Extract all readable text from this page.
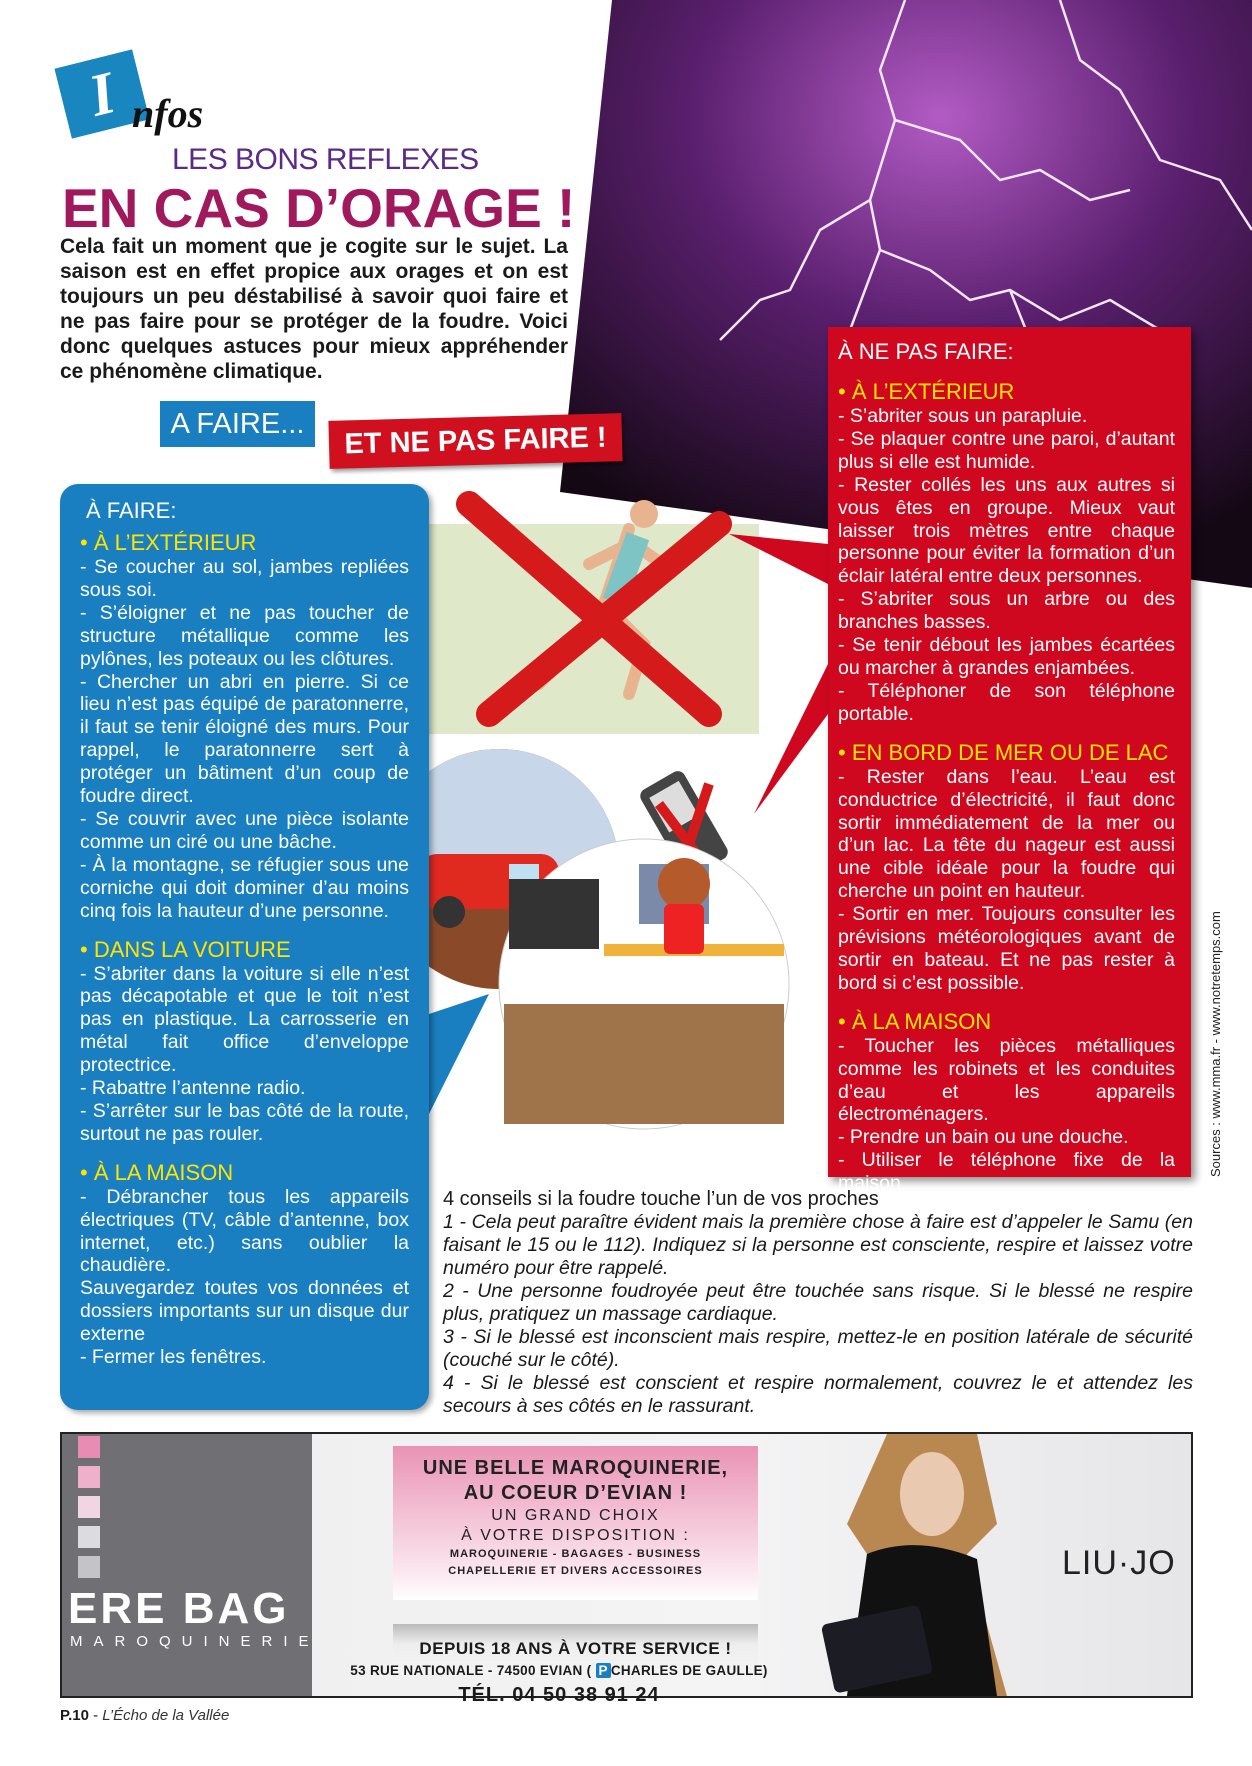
I nfos
LES BONS REFLEXES
EN CAS D’ORAGE !

Cela fait un moment que je cogite sur le sujet. La saison est en effet propice aux orages et on est toujours un peu déstabilisé à savoir quoi faire et ne pas faire pour se protéger de la foudre. Voici donc quelques astuces pour mieux appréhender ce phénomène climatique.

A FAIRE...	ET NE PAS FAIRE !
À FAIRE:
• À L’EXTÉRIEUR

- Se coucher au sol, jambes repliées sous soi.

- S’éloigner et ne pas toucher de structure métallique comme les pylônes, les poteaux ou les clôtures.

- Chercher un abri en pierre. Si ce lieu n’est pas équipé de paratonnerre, il faut se tenir éloigné des murs. Pour rappel, le paratonnerre sert à protéger un bâtiment d’un coup de foudre direct.

- Se couvrir avec une pièce isolante comme un ciré ou une bâche.

- À la montagne, se réfugier sous une corniche qui doit dominer d’au moins cinq fois la hauteur d’une personne.

• DANS LA VOITURE

- S’abriter dans la voiture si elle n’est pas décapotable et que le toit n’est pas en plastique. La carrosserie en métal fait office d’enveloppe protectrice.

- Rabattre l’antenne radio.

- S’arrêter sur le bas côté de la route, surtout ne pas rouler.

• À LA MAISON

- Débrancher tous les appareils électriques (TV, câble d’antenne, box internet, etc.) sans oublier la chaudière.

Sauvegardez toutes vos données et dossiers importants sur un disque dur externe

- Fermer les fenêtres.

À NE PAS FAIRE:
• À L’EXTÉRIEUR

- S’abriter sous un parapluie.

- Se plaquer contre une paroi, d’autant plus si elle est humide.

- Rester collés les uns aux autres si vous êtes en groupe. Mieux vaut laisser trois mètres entre chaque personne pour éviter la formation d’un éclair latéral entre deux personnes.

- S’abriter sous un arbre ou des branches basses.

- Se tenir débout les jambes écartées ou marcher à grandes enjambées.

- Téléphoner de son téléphone portable.

• EN BORD DE MER OU DE LAC

- Rester dans l’eau. L’eau est conductrice d’électricité, il faut donc sortir immédiatement de la mer ou d’un lac. La tête du nageur est aussi une cible idéale pour la foudre qui cherche un point en hauteur.

- Sortir en mer. Toujours consulter les prévisions météorologiques avant de sortir en bateau. Et ne pas rester à bord si c’est possible.

• À LA MAISON

- Toucher les pièces métalliques comme les robinets et les conduites d’eau et les appareils électroménagers.

- Prendre un bain ou une douche.

- Utiliser le téléphone fixe de la maison.

Sources : www.mma.fr - www.notretemps.com
4 conseils si la foudre touche l’un de vos proches

1 - Cela peut paraître évident mais la première chose à faire est d’appeler le Samu (en faisant le 15 ou le 112). Indiquez si la personne est consciente, respire et laissez votre numéro pour être rappelé.

2 - Une personne foudroyée peut être touchée sans risque. Si le blessé ne respire plus, pratiquez un massage cardiaque.

3 - Si le blessé est inconscient mais respire, mettez-le en position latérale de sécurité (couché sur le côté).

4 - Si le blessé est conscient et respire normalement, couvrez le et attendez les secours à ses côtés en le rassurant.

ERE BAG
MAROQUINERIE
UNE BELLE MAROQUINERIE,
AU COEUR D’EVIAN !
UN GRAND CHOIX
À VOTRE DISPOSITION :
MAROQUINERIE - BAGAGES - BUSINESS
CHAPELLERIE ET DIVERS ACCESSOIRES
DEPUIS 18 ANS À VOTRE SERVICE !
53 RUE NATIONALE - 74500 EVIAN ( P CHARLES DE GAULLE)
TÉL. 04 50 38 91 24
LIU·JO
P.10 - L’Écho de la Vallée
